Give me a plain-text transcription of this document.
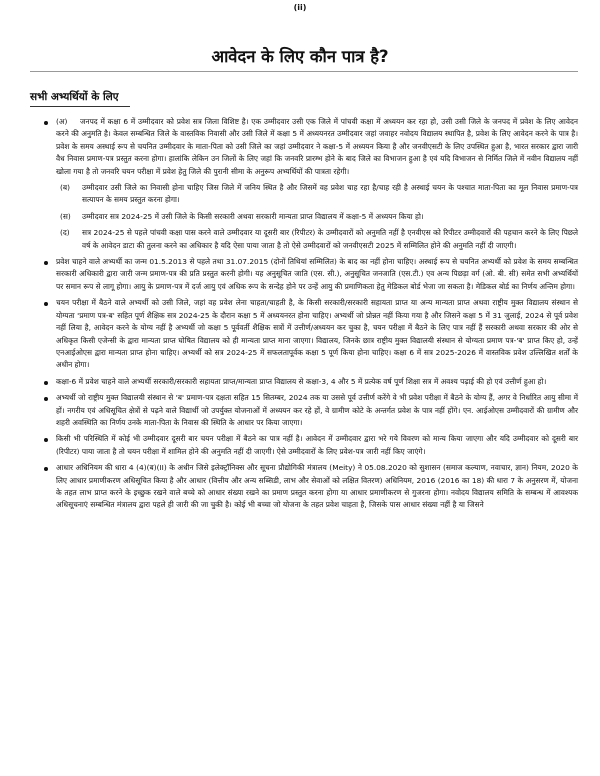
(ii)
आवेदन के लिए कौन पात्र है?
सभी अभ्यर्थियों के लिए
(अ) जनपद में कक्षा 6 में उम्मीदवार को प्रवेश सत्र जिला विशिष्ट है। एक उम्मीदवार उसी एक जिले में पांचवी कक्षा में अध्ययन कर रहा हो, उसी उसी जिले के जनपद में प्रवेश के लिए आवेदन करने की अनुमति है। केवल सम्बन्धित जिले के वास्तविक निवासी और उसी जिले में कक्षा 5 में अध्ययनरत उम्मीदवार जहां जवाहर नवोदय विद्यालय स्थापित है, प्रवेश के लिए आवेदन करने के पात्र है। प्रवेश के समय अस्थाई रूप से चयनित उम्मीदवार के माता-पिता को उसी जिले का जहां उम्मीदवार ने कक्षा-5 में अध्ययन किया है और जनवीएसटी के लिए उपस्थित हुआ है, भारत सरकार द्वारा जारी वैध निवास प्रमाण-पत्र प्रस्तुत करना होगा। हालांकि लेकिन उन जिलों के लिए जहां कि जनवरि प्रारम्भ होने के बाद जिले का विभाजन हुआ है एवं यदि विभाजन से निर्मित जिले में नवीन विद्यालय नहीं खोला गया है तो जनवरि चयन परीक्षा में प्रवेश हेतु जिले की पुरानी सीमा के अनुरूप अभ्यर्थियों की पात्रता रहेगी।
(ब) उम्मीदवार उसी जिले का निवासी होना चाहिए जिस जिले में जनिय स्थित है और जिसमें वह प्रवेश चाह रहा है/चाह रही है अस्थाई चयन के पश्चात माता-पिता का मूल निवास प्रमाण-पत्र सत्यापन के समय प्रस्तुत करना होगा।
(स) उम्मीदवार सत्र 2024-25 में उसी जिले के किसी सरकारी अथवा सरकारी मान्यता प्राप्त विद्यालय में कक्षा-5 में अध्ययन किया हो।
(द) सत्र 2024-25 से पहले पांचवी कक्षा पास करने वाले उम्मीदवार या दूसरी बार (रिपीटर) के उम्मीदवारों को अनुमति नहीं है एनवीएस को रिपीटर उम्मीदवारों की पहचान करने के लिए पिछले वर्ष के आवेदन डाटा की तुलना करने का अधिकार है यदि ऐसा पाया जाता है तो ऐसे उम्मीदवारों को जनवीएसटी 2025 में सम्मिलित होने की अनुमति नहीं दी जाएगी।

प्रवेश चाहने वाले अभ्यर्थी का जन्म 01.5.2013 से पहले तथा 31.07.2015 (दोनों तिथियां सम्मिलित) के बाद का नहीं होना चाहिए। अस्थाई रूप से चयनित अभ्यर्थी को प्रवेश के समय सम्बन्धित सरकारी अधिकारी द्वारा जारी जन्म प्रमाण-पत्र की प्रति प्रस्तुत करनी होगी। यह अनुसूचित जाति (एस. सी.), अनुसूचित जनजाति (एस.टी.) एव अन्य पिछड़ा वर्ग (ओ. बी. सी) समेत सभी अभ्यर्थियों पर समान रूप से लागू होगा। आयु के प्रमाण-पत्र में दर्ज आयु एवं अधिक रूप के सन्देह होने पर उन्हें आयु की प्रमाणिकता हेतु मेडिकल बोर्ड भेजा जा सकता है। मेडिकल बोर्ड का निर्णय अन्तिम होगा।

चयन परीक्षा में बैठने वाले अभ्यर्थी को उसी जिले, जहां वह प्रवेश लेना चाहता/चाहती है, के किसी सरकारी/सरकारी सहायता प्राप्त या अन्य मान्यता प्राप्त अथवा राष्ट्रीय मुक्त विद्यालय संस्थान से योग्यता 'प्रमाण पत्र-ब' सहित पूर्ण शैक्षिक सत्र 2024-25 के दौरान कक्षा 5 में अध्ययनरत होना चाहिए। अभ्यर्थी जो प्रोन्नत नहीं किया गया है और जिसने कक्षा 5 में 31 जुलाई, 2024 से पूर्व प्रवेश नहीं लिया है, आवेदन करने के योग्य नहीं है अभ्यर्थी जो कक्षा 5 पूर्ववर्ती शैक्षिक सत्रों में उत्तीर्ण/अध्ययन कर चुका है, चयन परीक्षा में बैठने के लिए पात्र नहीं हैं सरकारी अथवा सरकार की ओर से अधिकृत किसी एजेन्सी के द्वारा मान्यता प्राप्त घोषित विद्यालय को ही मान्यता प्राप्त माना जाएगा। विद्यालय, जिनके छात्र राष्ट्रीय मुक्त विद्यालयी संस्थान से योग्यता प्रमाण पत्र-'ब' प्राप्त किए हो, उन्हें एनआईओएस द्वारा मान्यता प्राप्त होना चाहिए। अभ्यर्थी को सत्र 2024-25 में सफलतापूर्वक कक्षा 5 पूर्ण किया होना चाहिए। कक्षा 6 में सत्र 2025-2026 में वास्तविक प्रवेश उल्लिखित शर्तों के अधीन होगा।

कक्षा-6 में प्रवेश चाहने वाले अभ्यर्थी सरकारी/सरकारी सहायता प्राप्त/मान्यता प्राप्त विद्यालय से कक्षा-3, 4 और 5 में प्रत्येक वर्ष पूर्ण शिक्षा सत्र में अवश्य पढ़ाई की हो एवं उत्तीर्ण हुआ हो।

अभ्यर्थी जो राष्ट्रीय मुक्त विद्यालयी संस्थान से 'ब' प्रमाण-पत्र दक्षता सहित 15 सितम्बर, 2024 तक या उससे पूर्व उत्तीर्ण करेंगे वे भी प्रवेश परीक्षा में बैठने के योग्य हैं, अगर वे निर्धारित आयु सीमा में हों। नगरीय एवं अधिसूचित क्षेत्रों से पढ़ने वाले विद्यार्थी जो उपर्युक्त योजनाओं में अध्ययन कर रहे हों, वे ग्रामीण कोटे के अन्तर्गत प्रवेश के पात्र नहीं होंगे। एन. आईओएस उम्मीदवारों की ग्रामीण और शहरी अवस्थिति का निर्णय उनके माता-पिता के निवास की स्थिति के आधार पर किया जाएगा।

किसी भी परिस्थिति में कोई भी उम्मीदवार दूसरी बार चयन परीक्षा में बैठने का पात्र नहीं है। आवेदन में उम्मीदवार द्वारा भरे गये विवरण को मान्य किया जाएगा और यदि उम्मीदवार को दूसरी बार (रिपीटर) पाया जाता है तो चयन परीक्षा में शामिल होने की अनुमति नहीं दी जाएगी। ऐसे उम्मीदवारों के लिए प्रवेश-पत्र जारी नहीं किए जाएंगे।

आधार अधिनियम की धारा 4 (4)(ब)(II) के अधीन जिसे इलेक्ट्रॉनिक्स और सूचना प्रौद्योगिकी मंत्रालय (Meity) ने 05.08.2020 को सुशासन (समाज कल्याण, नवाचार, ज्ञान) नियम, 2020 के लिए आधार प्रमाणीकरण अधिसूचित किया है और आधार (वित्तीय और अन्य सब्सिडी, लाभ और सेवाओं को लक्षित वितरण) अधिनियम, 2016 (2016 का 18) की धारा 7 के अनुसरण में, योजना के तहत लाभ प्राप्त करने के इच्छुक रखने वाले बच्चे को आधार संख्या रखने का प्रमाण प्रस्तुत करना होगा या आधार प्रमाणीकरण से गुजरना होगा। नवोदय विद्यालय समिति के सम्बन्ध में आवश्यक अधिसूचनाएं सम्बन्धित मंत्रालय द्वारा पहले ही जारी की जा चुकी है। कोई भी बच्चा जो योजना के तहत प्रवेश चाहता है, जिसके पास आधार संख्या नहीं है या जिसने
